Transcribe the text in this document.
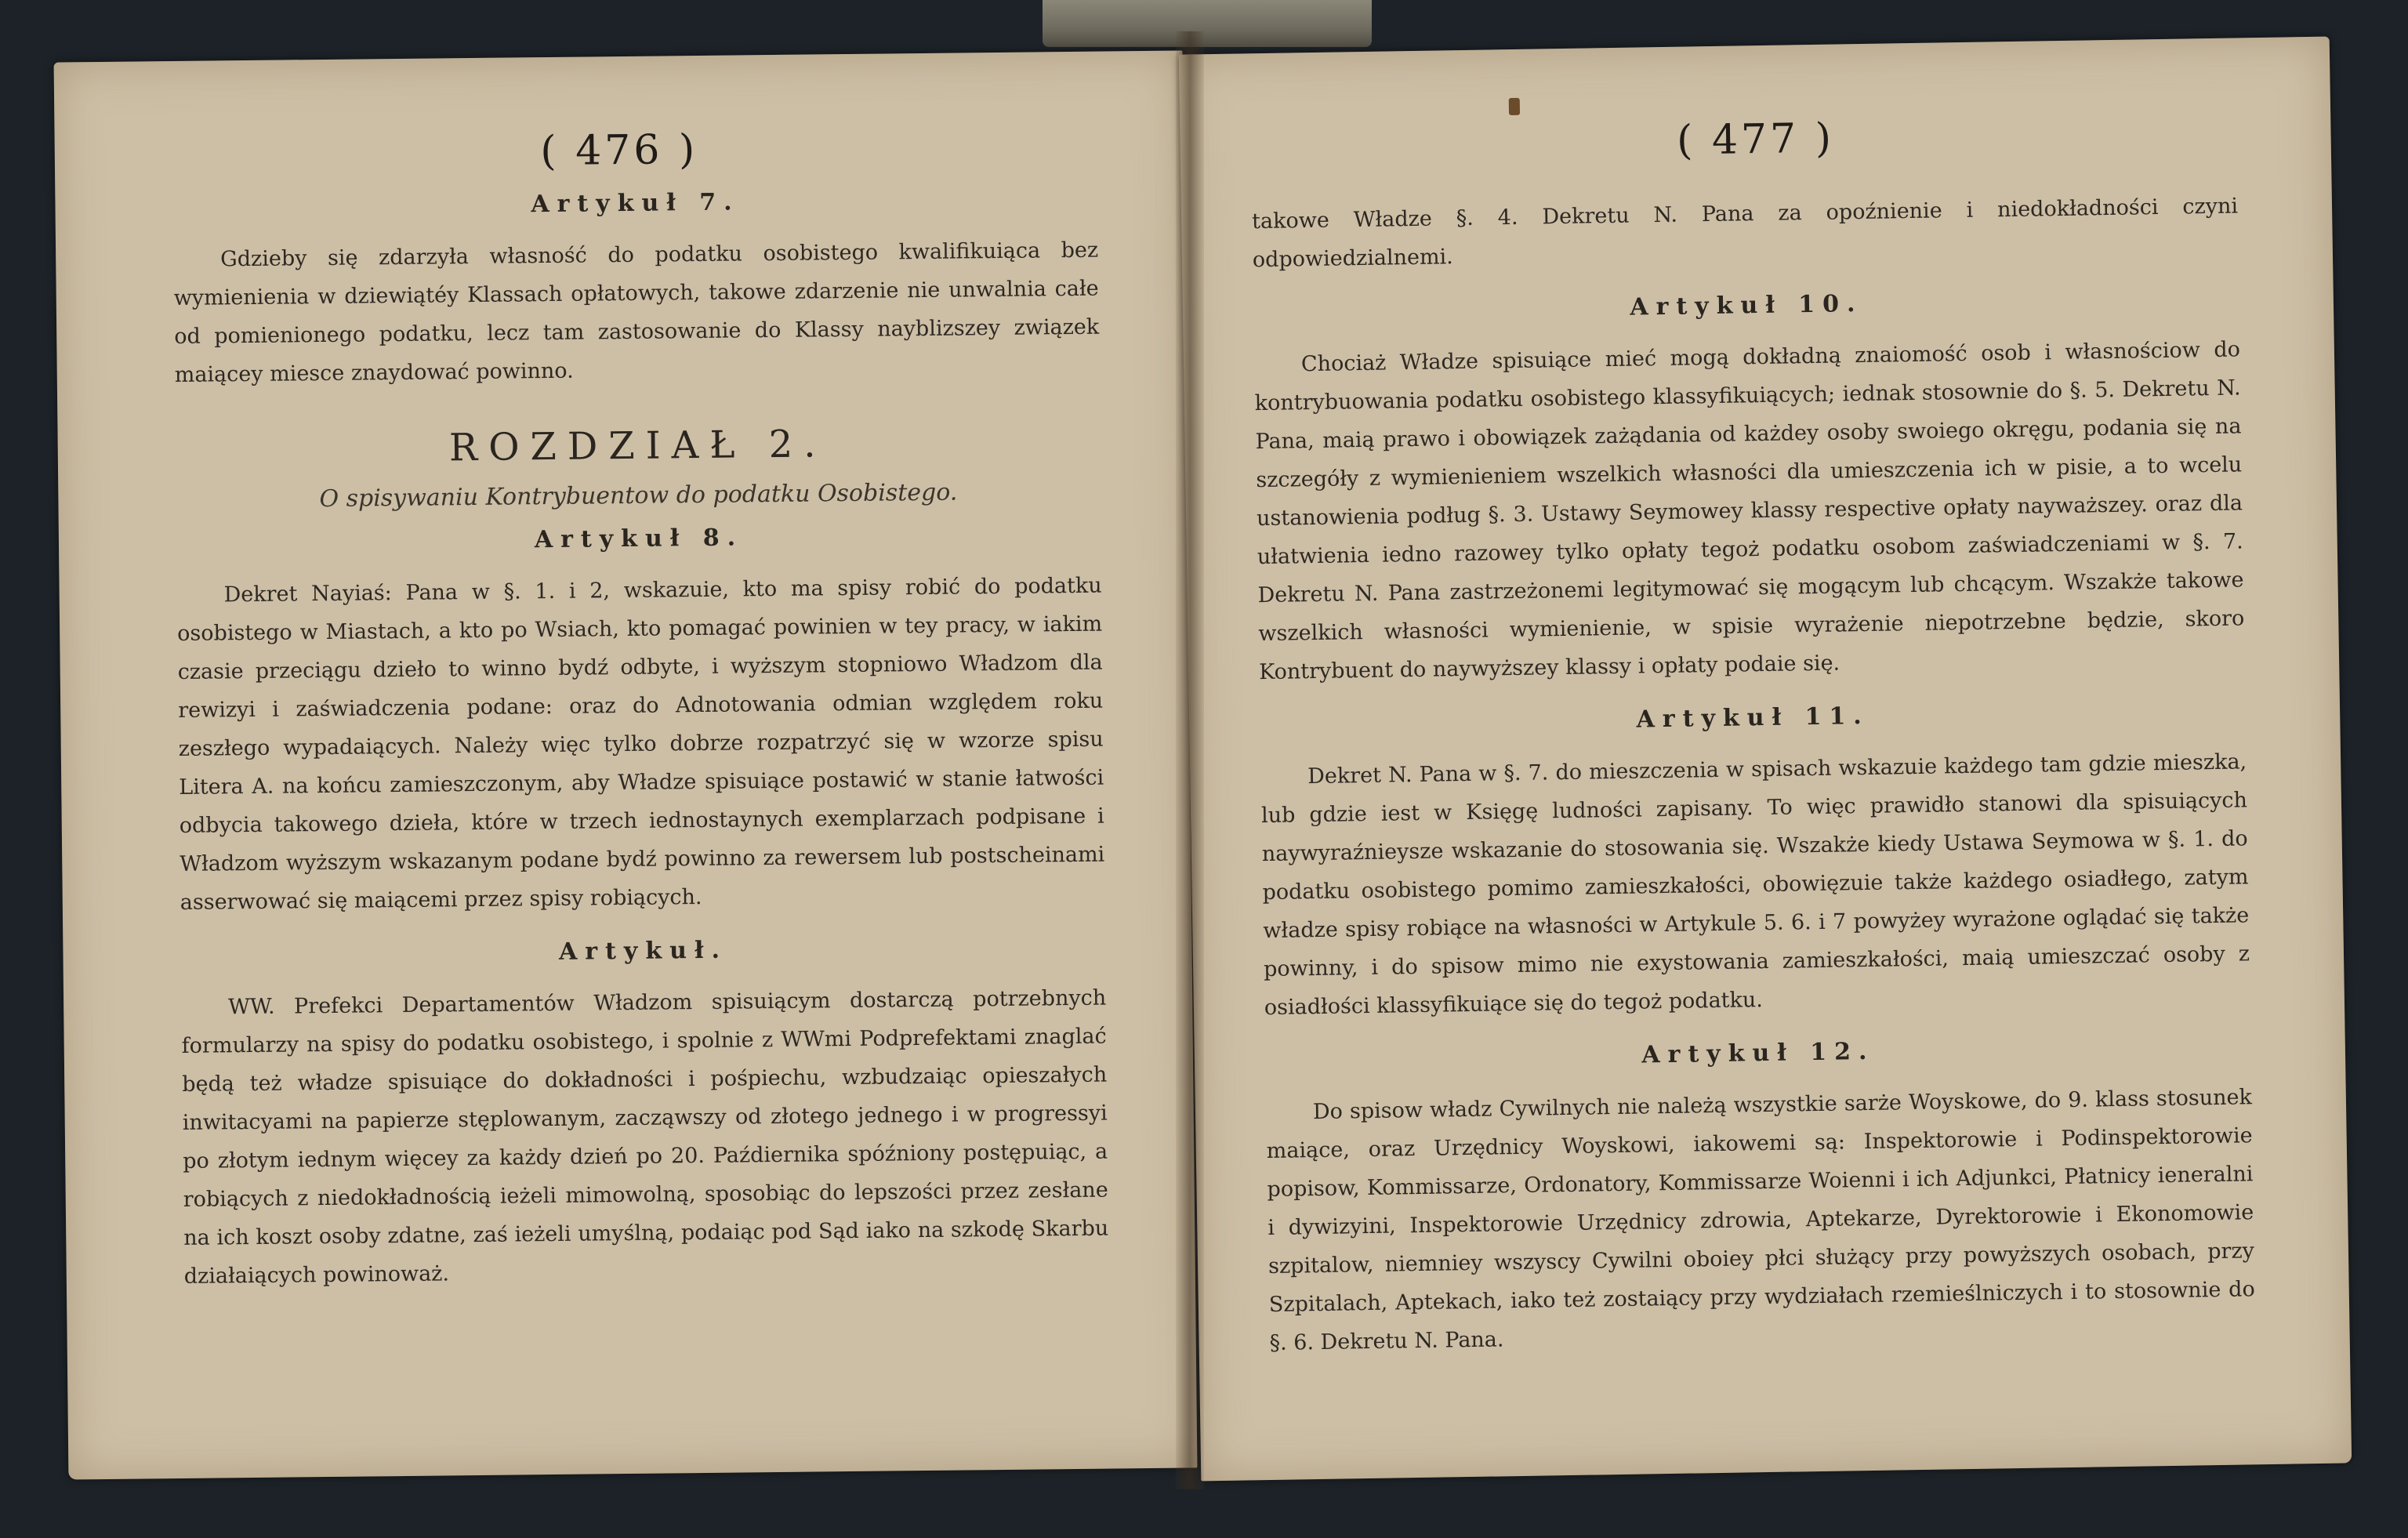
( 476 )
Artykuł 7.

Gdzieby się zdarzyła własność do podatku osobistego kwalifikuiąca bez wymienienia w dziewiątéy Klassach opłatowych, takowe zdarzenie nie unwalnia całe od pomienionego podatku, lecz tam zastosowanie do Klassy nayblizszey związek maiącey miesce znaydować powinno.

ROZDZIAŁ 2.
O spisywaniu Kontrybuentow do podatku Osobistego.
Artykuł 8.

Dekret Nayiaś: Pana w §. 1. i 2, wskazuie, kto ma spisy robić do podatku osobistego w Miastach, a kto po Wsiach, kto pomagać powinien w tey pracy, w iakim czasie przeciągu dzieło to winno bydź odbyte, i wyższym stopniowo Władzom dla rewizyi i zaświadczenia podane: oraz do Adnotowania odmian względem roku zeszłego wypadaiących. Należy więc tylko dobrze rozpatrzyć się w wzorze spisu Litera A. na końcu zamieszczonym, aby Władze spisuiące postawić w stanie łatwości odbycia takowego dzieła, które w trzech iednostaynych exemplarzach podpisane i Władzom wyższym wskazanym podane bydź powinno za rewersem lub postscheinami asserwować się maiącemi przez spisy robiących.

Artykuł.

WW. Prefekci Departamentów Władzom spisuiącym dostarczą potrzebnych formularzy na spisy do podatku osobistego, i spolnie z WWmi Podprefektami znaglać będą też władze spisuiące do dokładności i pośpiechu, wzbudzaiąc opieszałych inwitacyami na papierze stęplowanym, zacząwszy od złotego jednego i w progressyi po złotym iednym więcey za każdy dzień po 20. Paźdiernika spóźniony postępuiąc, a robiących z niedokładnością ieżeli mimowolną, sposobiąc do lepszości przez zesłane na ich koszt osoby zdatne, zaś ieżeli umyślną, podaiąc pod Sąd iako na szkodę Skarbu działaiących powinoważ.

( 477 )

takowe Władze §. 4. Dekretu N. Pana za opoźnienie i niedokładności czyni odpowiedzialnemi.

Artykuł 10.

Chociaż Władze spisuiące mieć mogą dokładną znaiomość osob i własnościow do kontrybuowania podatku osobistego klassyfikuiących; iednak stosownie do §. 5. Dekretu N. Pana, maią prawo i obowiązek zażądania od każdey osoby swoiego okręgu, podania się na szczegóły z wymienieniem wszelkich własności dla umieszczenia ich w pisie, a to wcelu ustanowienia podług §. 3. Ustawy Seymowey klassy respective opłaty nayważszey. oraz dla ułatwienia iedno razowey tylko opłaty tegoż podatku osobom zaświadczeniami w §. 7. Dekretu N. Pana zastrzeżonemi legitymować się mogącym lub chcącym. Wszakże takowe wszelkich własności wymienienie, w spisie wyrażenie niepotrzebne będzie, skoro Kontrybuent do naywyższey klassy i opłaty podaie się.

Artykuł 11.

Dekret N. Pana w §. 7. do mieszczenia w spisach wskazuie każdego tam gdzie mieszka, lub gdzie iest w Księgę ludności zapisany. To więc prawidło stanowi dla spisuiących naywyraźnieysze wskazanie do stosowania się. Wszakże kiedy Ustawa Seymowa w §. 1. do podatku osobistego pomimo zamieszkałości, obowięzuie także każdego osiadłego, zatym władze spisy robiące na własności w Artykule 5. 6. i 7 powyżey wyrażone oglądać się także powinny, i do spisow mimo nie exystowania zamieszkałości, maią umieszczać osoby z osiadłości klassyfikuiące się do tegoż podatku.

Artykuł 12.

Do spisow władz Cywilnych nie należą wszystkie sarże Woyskowe, do 9. klass stosunek maiące, oraz Urzędnicy Woyskowi, iakowemi są: Inspektorowie i Podinspektorowie popisow, Kommissarze, Ordonatory, Kommissarze Woienni i ich Adjunkci, Płatnicy ieneralni i dywizyini, Inspektorowie Urzędnicy zdrowia, Aptekarze, Dyrektorowie i Ekonomowie szpitalow, niemniey wszyscy Cywilni oboiey płci służący przy powyższych osobach, przy Szpitalach, Aptekach, iako też zostaiący przy wydziałach rzemieślniczych i to stosownie do §. 6. Dekretu N. Pana.
